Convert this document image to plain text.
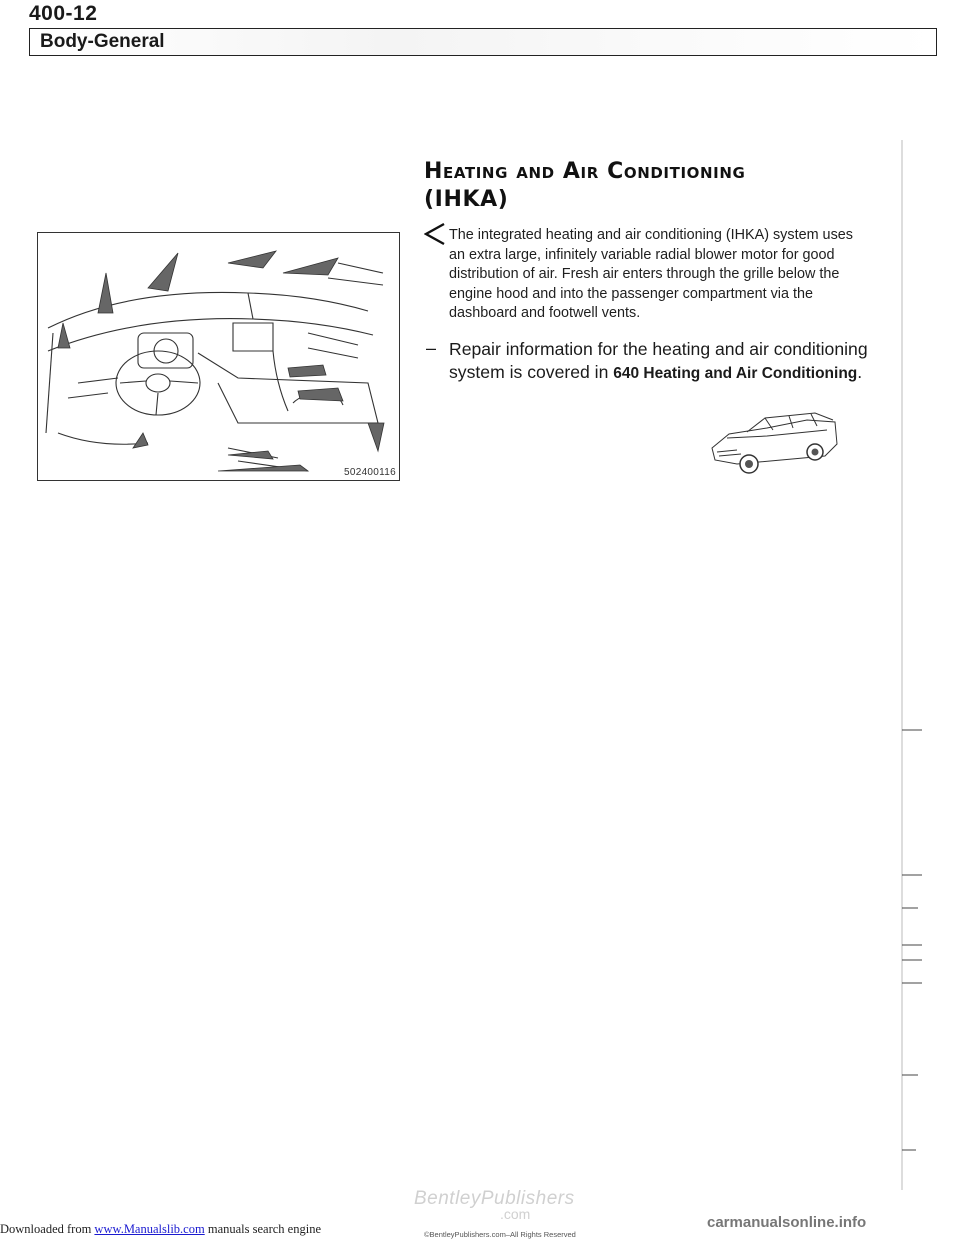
400-12
Body-General
Heating and Air Conditioning
(IHKA)
502400116
The integrated heating and air conditioning (IHKA) system uses an extra large, infinitely variable radial blower motor for good distribution of air. Fresh air enters through the grille below the engine hood and into the passenger compartment via the dashboard and footwell vents.
– Repair information for the heating and air conditioning system is covered in 640 Heating and Air Conditioning.
BentleyPublishers
.com
©BentleyPublishers.com–All Rights Reserved
Downloaded from www.Manualslib.com manuals search engine	carmanualsonline.info
